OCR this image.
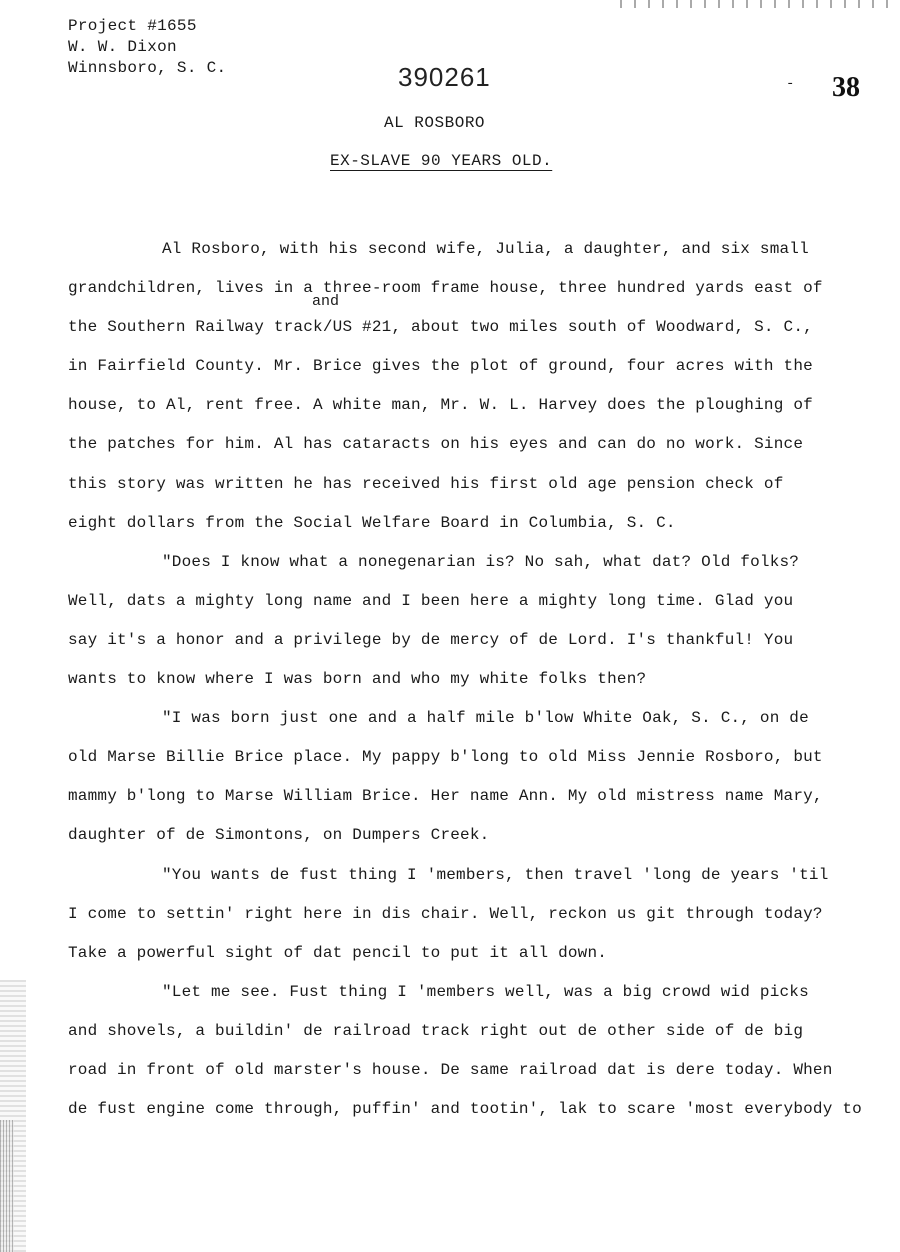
Project #1655
W. W. Dixon
Winnsboro, S. C.	390261	- 38
AL ROSBORO
EX-SLAVE 90 YEARS OLD.
and
Al Rosboro, with his second wife, Julia, a daughter, and six small
grandchildren, lives in a three-room frame house, three hundred yards east of
the Southern Railway track/US #21, about two miles south of Woodward, S. C.,
in Fairfield County. Mr. Brice gives the plot of ground, four acres with the
house, to Al, rent free. A white man, Mr. W. L. Harvey does the ploughing of
the patches for him. Al has cataracts on his eyes and can do no work. Since
this story was written he has received his first old age pension check of
eight dollars from the Social Welfare Board in Columbia, S. C.
"Does I know what a nonegenarian is? No sah, what dat? Old folks?
Well, dats a mighty long name and I been here a mighty long time. Glad you
say it's a honor and a privilege by de mercy of de Lord. I's thankful! You
wants to know where I was born and who my white folks then?
"I was born just one and a half mile b'low White Oak, S. C., on de
old Marse Billie Brice place. My pappy b'long to old Miss Jennie Rosboro, but
mammy b'long to Marse William Brice. Her name Ann. My old mistress name Mary,
daughter of de Simontons, on Dumpers Creek.
"You wants de fust thing I 'members, then travel 'long de years 'til
I come to settin' right here in dis chair. Well, reckon us git through today?
Take a powerful sight of dat pencil to put it all down.
"Let me see. Fust thing I 'members well, was a big crowd wid picks
and shovels, a buildin' de railroad track right out de other side of de big
road in front of old marster's house. De same railroad dat is dere today. When
de fust engine come through, puffin' and tootin', lak to scare 'most everybody to
